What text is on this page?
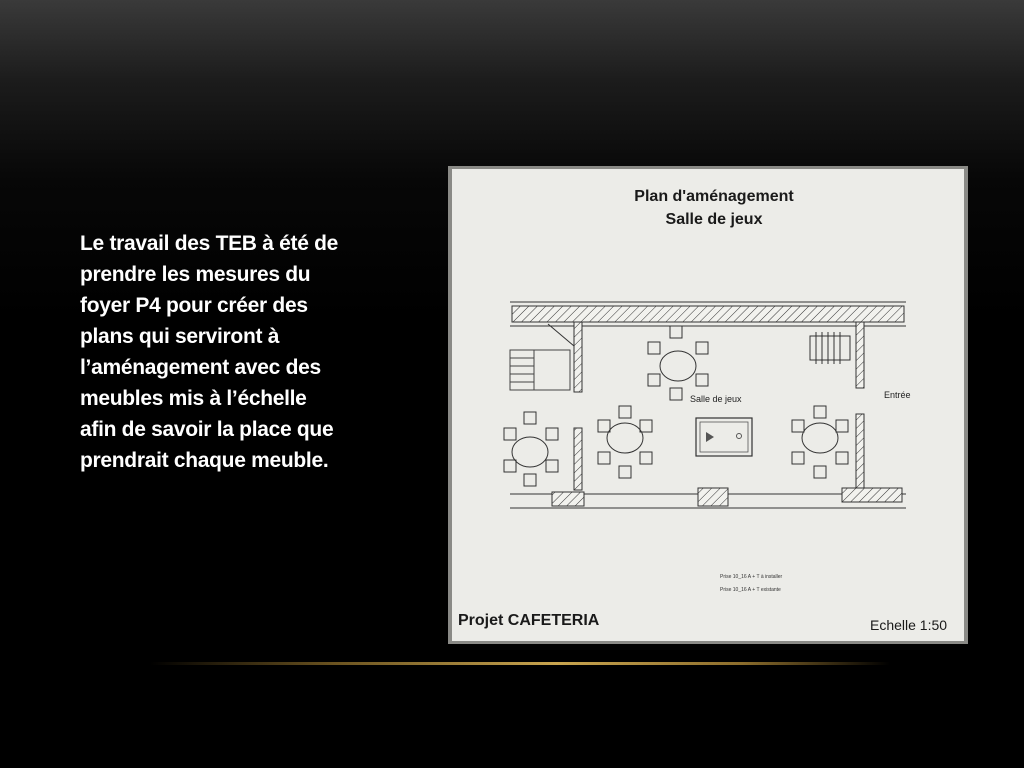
Le travail des TEB à été de
prendre les mesures du
foyer P4 pour créer des
plans qui serviront à
l’aménagement avec des
meubles mis à l’échelle
afin de savoir la place que
prendrait chaque meuble.
Plan d'aménagement
Salle de jeux
Salle de jeux	Entrée
Prise 10_16 A + T à installer
Prise 10_16 A + T existante
Projet CAFETERIA	Echelle 1:50
